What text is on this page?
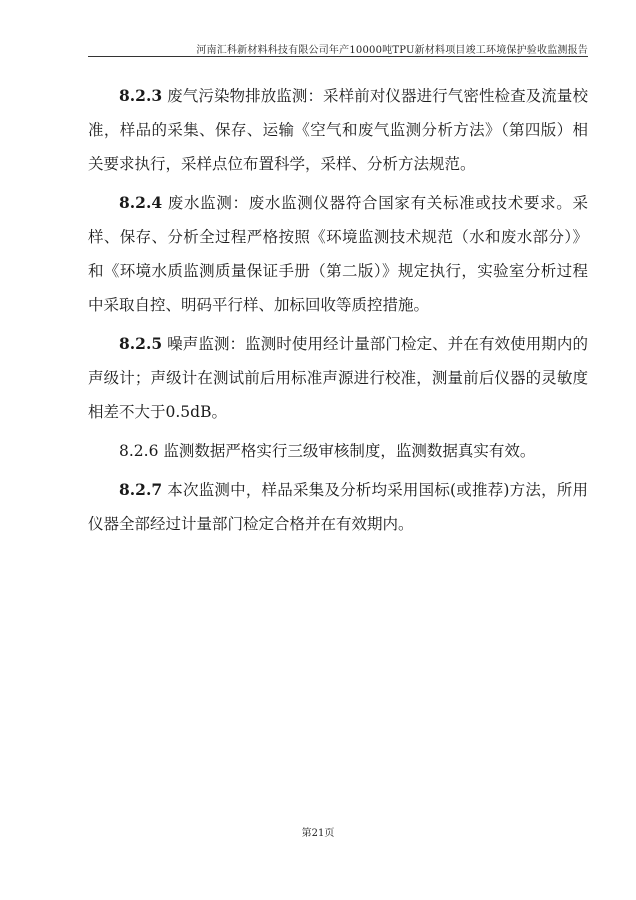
河南汇科新材料科技有限公司年产10000吨TPU新材料项目竣工环境保护验收监测报告

8.2.3 废气污染物排放监测：采样前对仪器进行气密性检查及流量校准，样品的采集、保存、运输《空气和废气监测分析方法》（第四版）相关要求执行，采样点位布置科学，采样、分析方法规范。

8.2.4 废水监测：废水监测仪器符合国家有关标准或技术要求。采样、保存、分析全过程严格按照《环境监测技术规范（水和废水部分）》和《环境水质监测质量保证手册（第二版）》规定执行，实验室分析过程中采取自控、明码平行样、加标回收等质控措施。

8.2.5 噪声监测：监测时使用经计量部门检定、并在有效使用期内的声级计；声级计在测试前后用标准声源进行校准，测量前后仪器的灵敏度相差不大于0.5dB。

8.2.6 监测数据严格实行三级审核制度，监测数据真实有效。

8.2.7 本次监测中，样品采集及分析均采用国标(或推荐)方法，所用仪器全部经过计量部门检定合格并在有效期内。

第21页
